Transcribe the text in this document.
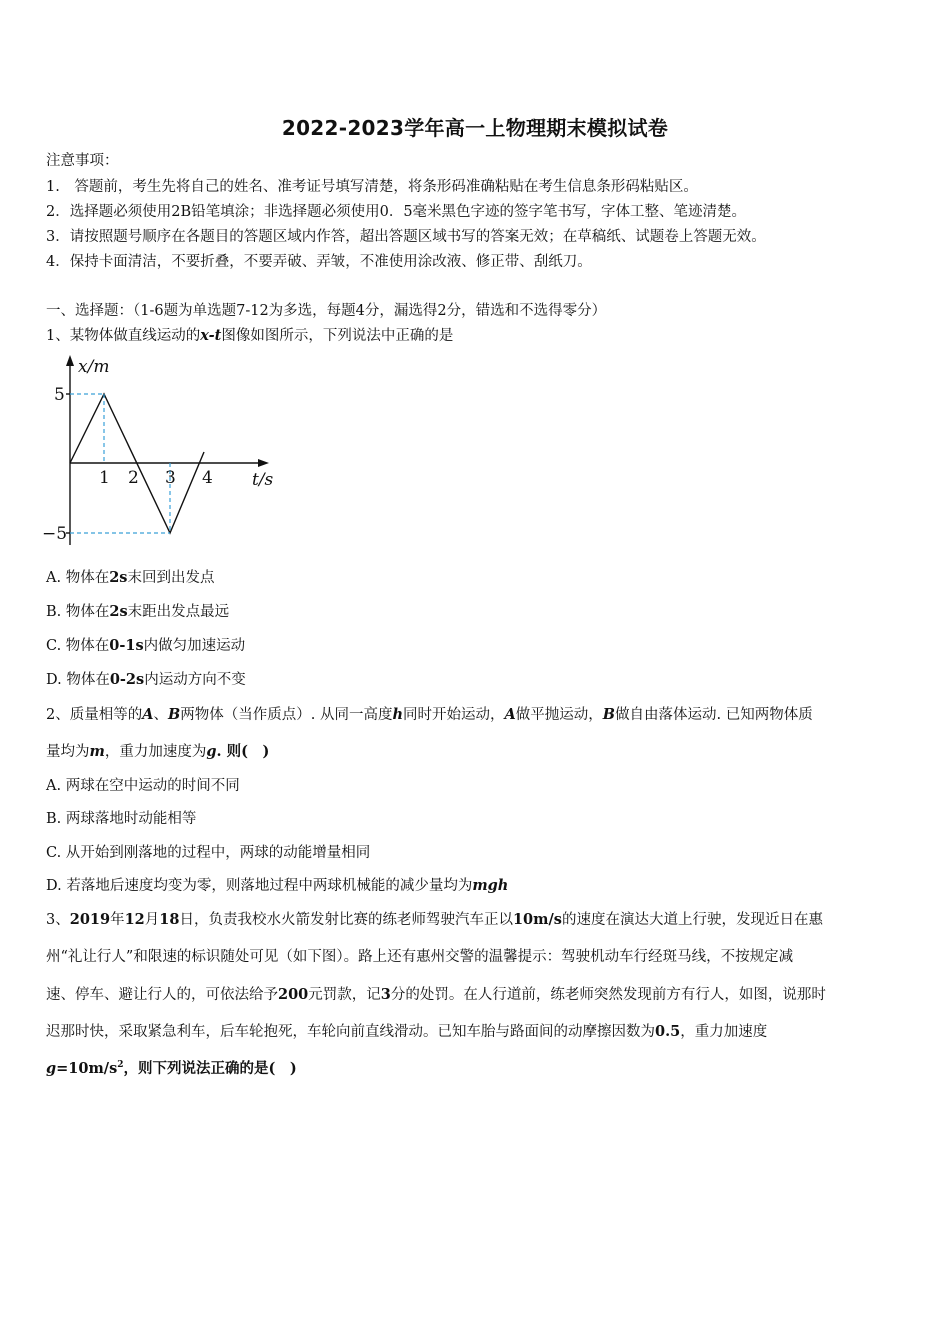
2022-2023学年高一上物理期末模拟试卷
注意事项：
1.　答题前，考生先将自己的姓名、准考证号填写清楚，将条形码准确粘贴在考生信息条形码粘贴区。
2．选择题必须使用2B铅笔填涂；非选择题必须使用0．5毫米黑色字迹的签字笔书写，字体工整、笔迹清楚。
3．请按照题号顺序在各题目的答题区域内作答，超出答题区域书写的答案无效；在草稿纸、试题卷上答题无效。
4．保持卡面清洁，不要折叠，不要弄破、弄皱，不准使用涂改液、修正带、刮纸刀。
一、选择题：（1-6题为单选题7-12为多选，每题4分，漏选得2分，错选和不选得零分）
1、某物体做直线运动的x-t图像如图所示，下列说法中正确的是
x/m
5
−5
1 2 3 4 t/s
A. 物体在2s末回到出发点
B. 物体在2s末距出发点最远
C. 物体在0-1s内做匀加速运动
D. 物体在0-2s内运动方向不变
2、质量相等的A、B两物体（当作质点）. 从同一高度h同时开始运动，A做平抛运动，B做自由落体运动. 已知两物体质
量均为m，重力加速度为g. 则(　)
A. 两球在空中运动的时间不同
B. 两球落地时动能相等
C. 从开始到刚落地的过程中，两球的动能增量相同
D. 若落地后速度均变为零，则落地过程中两球机械能的减少量均为mgh
3、2019年12月18日，负责我校水火箭发射比赛的练老师驾驶汽车正以10m/s的速度在演达大道上行驶，发现近日在惠
州“礼让行人”和限速的标识随处可见（如下图）。路上还有惠州交警的温馨提示：驾驶机动车行经斑马线，不按规定减
速、停车、避让行人的，可依法给予200元罚款，记3分的处罚。在人行道前，练老师突然发现前方有行人，如图，说那时
迟那时快，采取紧急利车，后车轮抱死，车轮向前直线滑动。已知车胎与路面间的动摩擦因数为0.5，重力加速度
$g=10m/s^2$，则下列说法正确的是(　)
